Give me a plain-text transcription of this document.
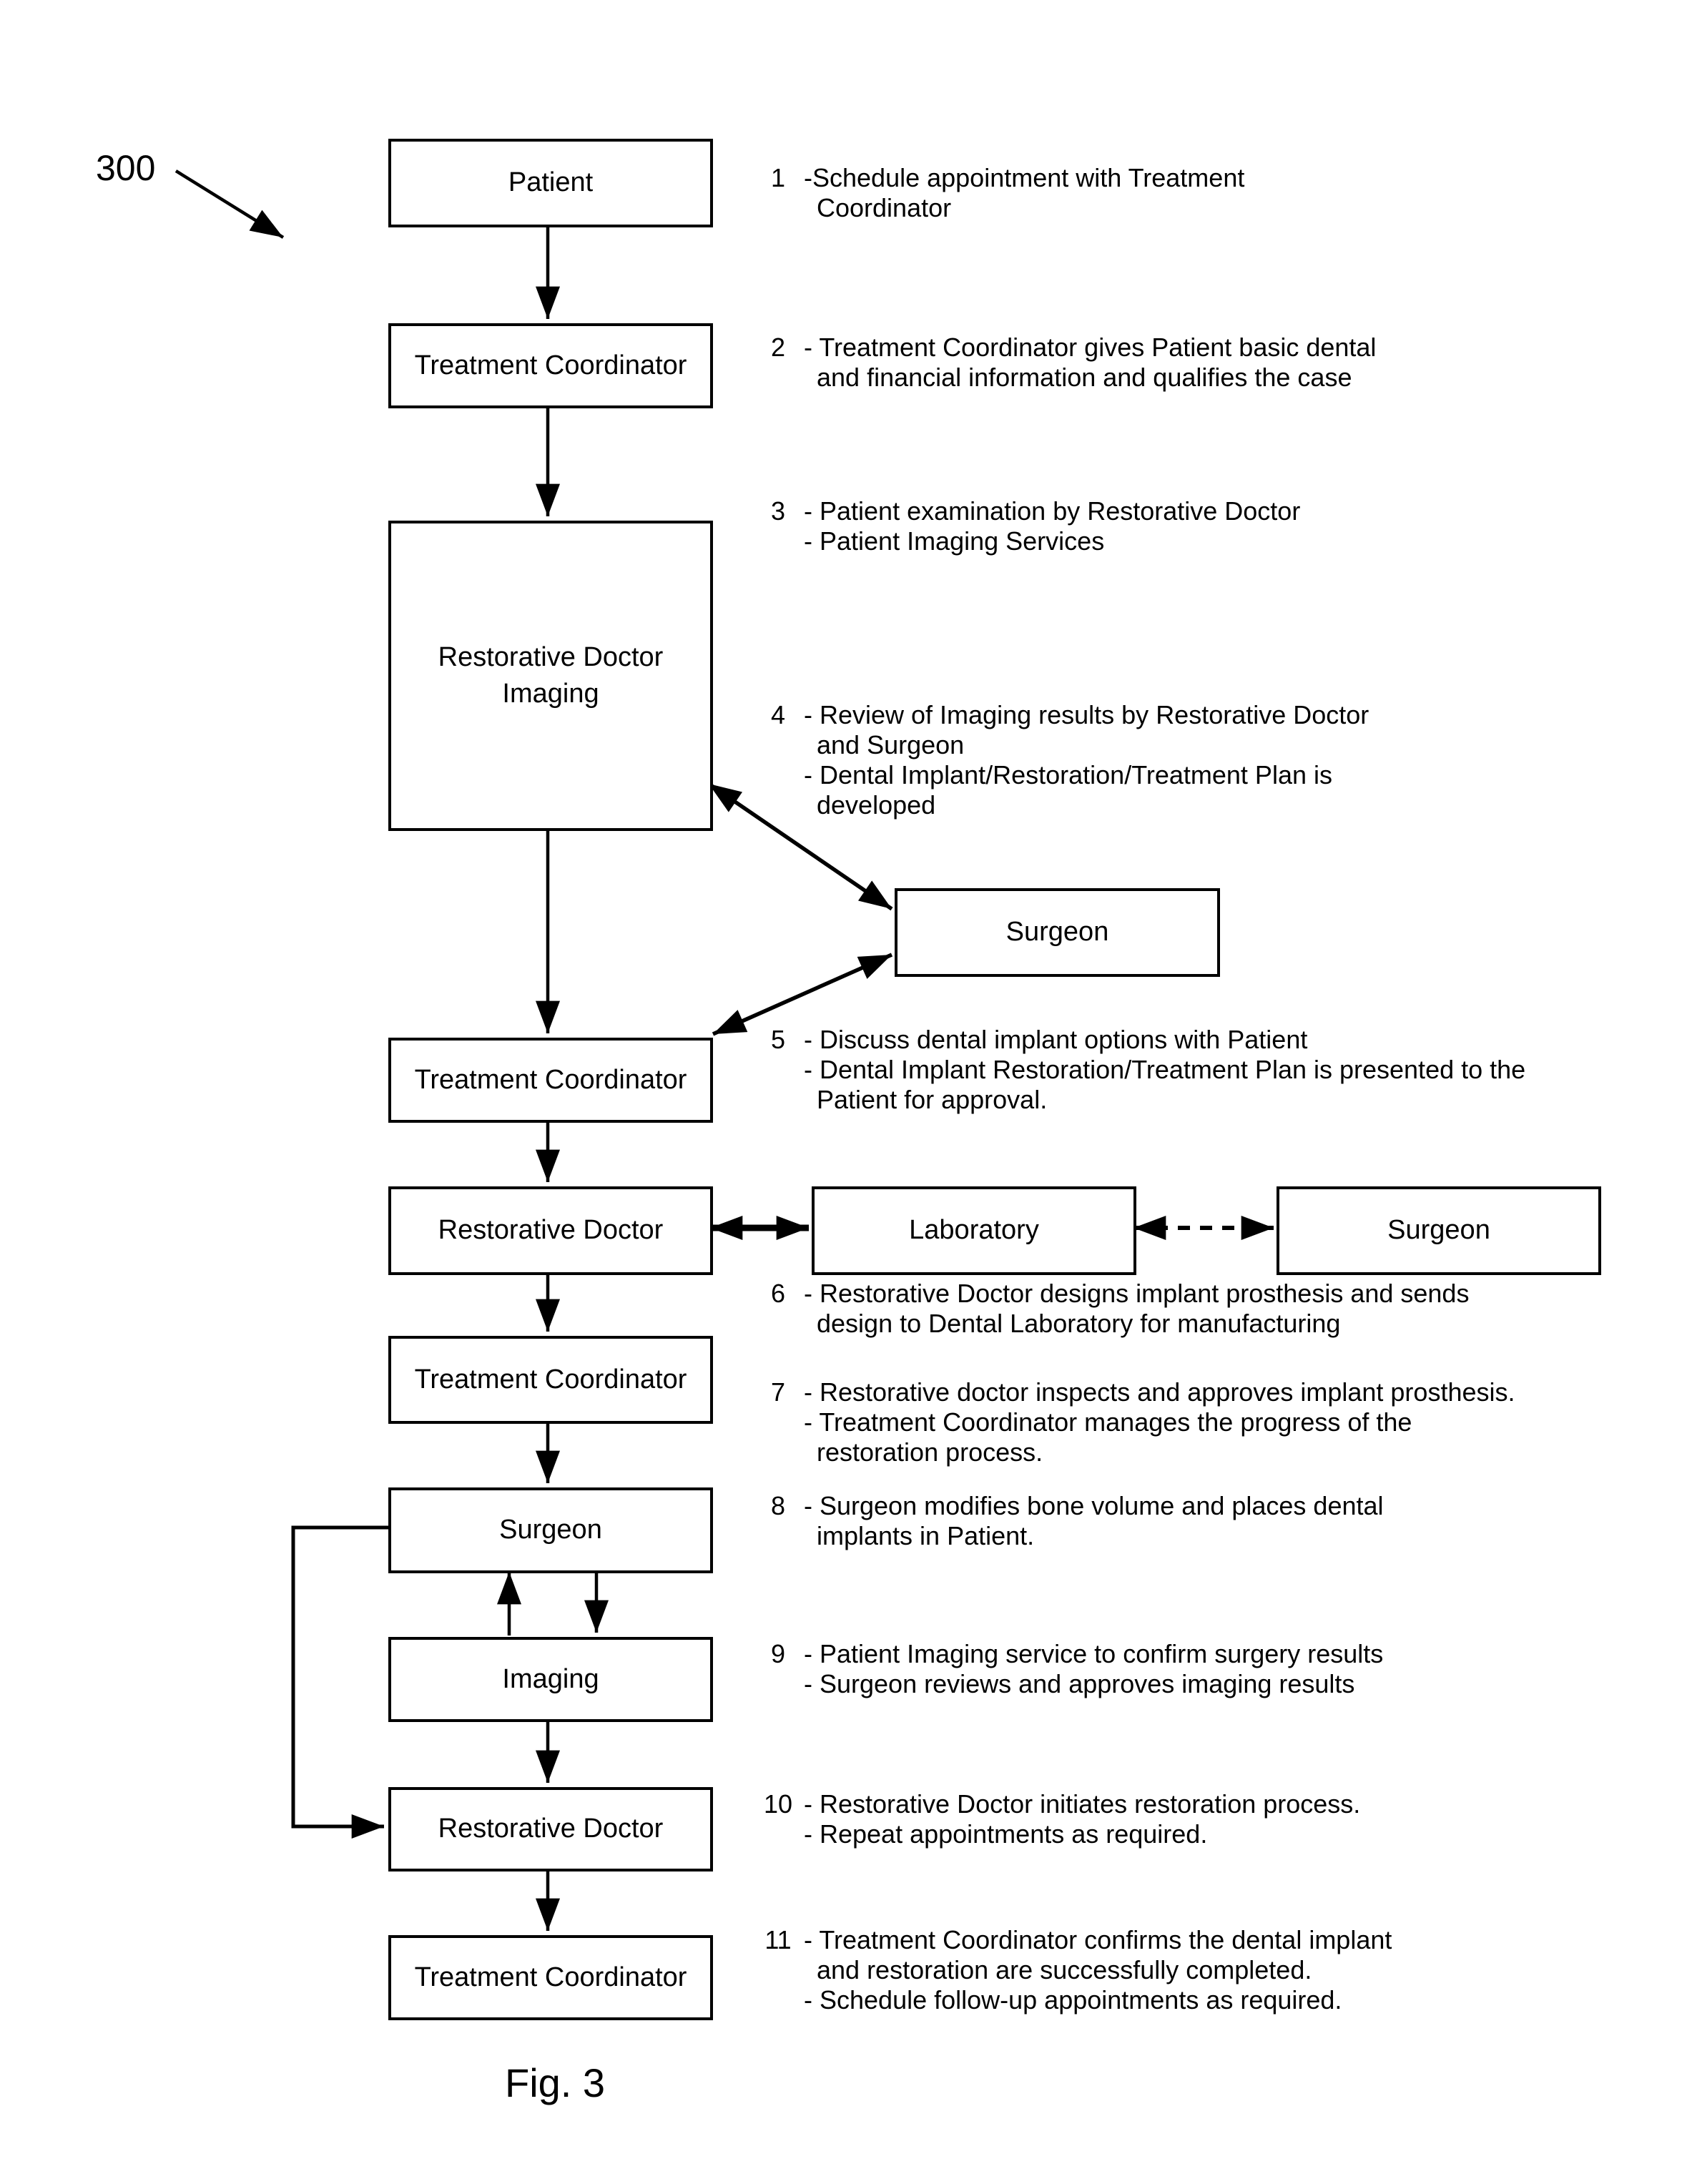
300	Patient
Treatment Coordinator
Restorative Doctor Imaging
Surgeon
Treatment Coordinator
Restorative Doctor	Laboratory	Surgeon
Treatment Coordinator
Surgeon
Imaging
Restorative Doctor
Treatment Coordinator
1 -Schedule appointment with Treatment
Coordinator
2 - Treatment Coordinator gives Patient basic dental
and financial information and qualifies the case
3 - Patient examination by Restorative Doctor
- Patient Imaging Services
4 - Review of Imaging results by Restorative Doctor
and Surgeon
- Dental Implant/Restoration/Treatment Plan is
developed
5 - Discuss dental implant options with Patient
- Dental Implant Restoration/Treatment Plan is presented to the
Patient for approval.
6 - Restorative Doctor designs implant prosthesis and sends
design to Dental Laboratory for manufacturing
7 - Restorative doctor inspects and approves implant prosthesis.
- Treatment Coordinator manages the progress of the
restoration process.
8 - Surgeon modifies bone volume and places dental
implants in Patient.
9 - Patient Imaging service to confirm surgery results
- Surgeon reviews and approves imaging results
10 - Restorative Doctor initiates restoration process.
- Repeat appointments as required.
11 - Treatment Coordinator confirms the dental implant
and restoration are successfully completed.
- Schedule follow-up appointments as required.
Fig. 3
